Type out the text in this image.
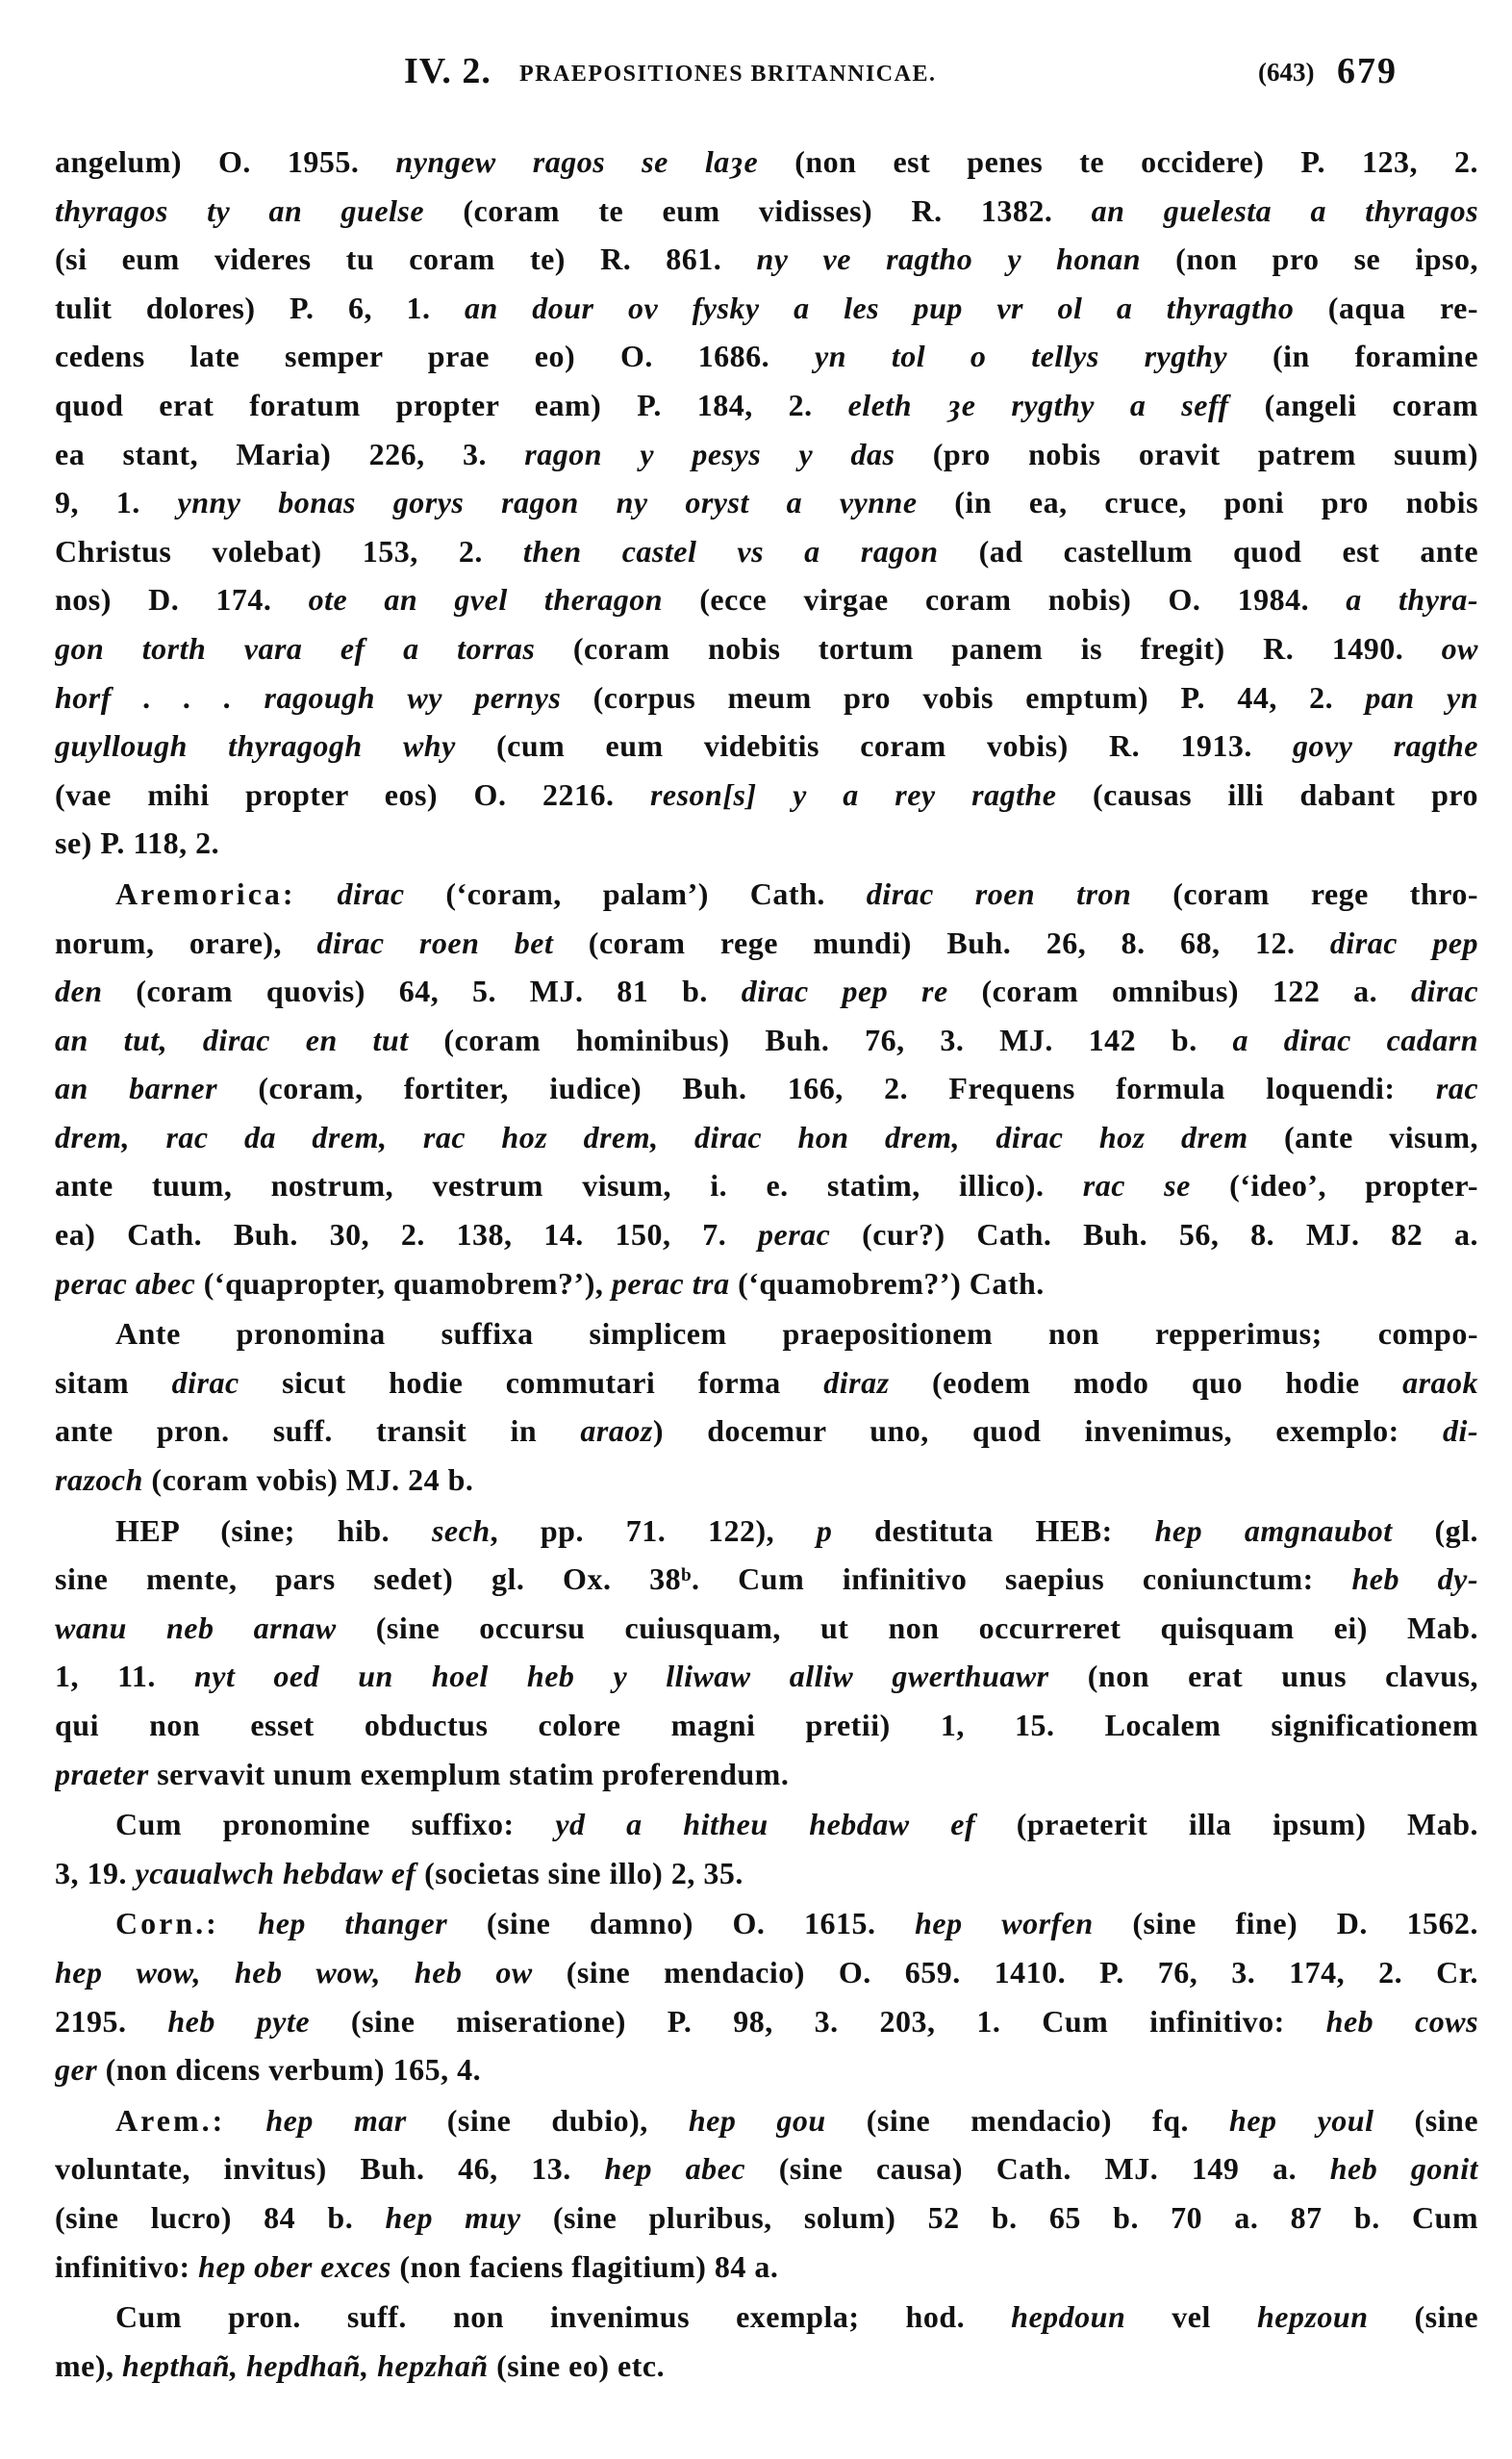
IV. 2. PRAEPOSITIONES BRITANNICAE.	(643) 679
angelum) O. 1955. nyngew ragos se laȝe (non est penes te occidere) P. 123, 2.
thyragos ty an guelse (coram te eum vidisses) R. 1382. an guelesta a thyragos
(si eum videres tu coram te) R. 861. ny ve ragtho y honan (non pro se ipso,
tulit dolores) P. 6, 1. an dour ov fysky a les pup vr ol a thyragtho (aqua re-
cedens late semper prae eo) O. 1686. yn tol o tellys rygthy (in foramine
quod erat foratum propter eam) P. 184, 2. eleth ȝe rygthy a seff (angeli coram
ea stant, Maria) 226, 3. ragon y pesys y das (pro nobis oravit patrem suum)
9, 1. ynny bonas gorys ragon ny oryst a vynne (in ea, cruce, poni pro nobis
Christus volebat) 153, 2. then castel vs a ragon (ad castellum quod est ante
nos) D. 174. ote an gvel theragon (ecce virgae coram nobis) O. 1984. a thyra-
gon torth vara ef a torras (coram nobis tortum panem is fregit) R. 1490. ow
horf . . . ragough wy pernys (corpus meum pro vobis emptum) P. 44, 2. pan yn
guyllough thyragogh why (cum eum videbitis coram vobis) R. 1913. govy ragthe
(vae mihi propter eos) O. 2216. reson[s] y a rey ragthe (causas illi dabant pro
se) P. 118, 2.
Aremorica: dirac (‘coram, palam’) Cath. dirac roen tron (coram rege thro-
norum, orare), dirac roen bet (coram rege mundi) Buh. 26, 8. 68, 12. dirac pep
den (coram quovis) 64, 5. MJ. 81 b. dirac pep re (coram omnibus) 122 a. dirac
an tut, dirac en tut (coram hominibus) Buh. 76, 3. MJ. 142 b. a dirac cadarn
an barner (coram, fortiter, iudice) Buh. 166, 2. Frequens formula loquendi: rac
drem, rac da drem, rac hoz drem, dirac hon drem, dirac hoz drem (ante visum,
ante tuum, nostrum, vestrum visum, i. e. statim, illico). rac se (‘ideo’, propter-
ea) Cath. Buh. 30, 2. 138, 14. 150, 7. perac (cur?) Cath. Buh. 56, 8. MJ. 82 a.
perac abec (‘quapropter, quamobrem?’), perac tra (‘quamobrem?’) Cath.
Ante pronomina suffixa simplicem praepositionem non repperimus; compo-
sitam dirac sicut hodie commutari forma diraz (eodem modo quo hodie araok
ante pron. suff. transit in araoz) docemur uno, quod invenimus, exemplo: di-
razoch (coram vobis) MJ. 24 b.
HEP (sine; hib. sech, pp. 71. 122), p destituta HEB: hep amgnaubot (gl.
sine mente, pars sedet) gl. Ox. 38ᵇ. Cum infinitivo saepius coniunctum: heb dy-
wanu neb arnaw (sine occursu cuiusquam, ut non occurreret quisquam ei) Mab.
1, 11. nyt oed un hoel heb y lliwaw alliw gwerthuawr (non erat unus clavus,
qui non esset obductus colore magni pretii) 1, 15. Localem significationem
praeter servavit unum exemplum statim proferendum.
Cum pronomine suffixo: yd a hitheu hebdaw ef (praeterit illa ipsum) Mab.
3, 19. ycaualwch hebdaw ef (societas sine illo) 2, 35.
Corn.: hep thanger (sine damno) O. 1615. hep worfen (sine fine) D. 1562.
hep wow, heb wow, heb ow (sine mendacio) O. 659. 1410. P. 76, 3. 174, 2. Cr.
2195. heb pyte (sine miseratione) P. 98, 3. 203, 1. Cum infinitivo: heb cows
ger (non dicens verbum) 165, 4.
Arem.: hep mar (sine dubio), hep gou (sine mendacio) fq. hep youl (sine
voluntate, invitus) Buh. 46, 13. hep abec (sine causa) Cath. MJ. 149 a. heb gonit
(sine lucro) 84 b. hep muy (sine pluribus, solum) 52 b. 65 b. 70 a. 87 b. Cum
infinitivo: hep ober exces (non faciens flagitium) 84 a.
Cum pron. suff. non invenimus exempla; hod. hepdoun vel hepzoun (sine
me), hepthañ, hepdhañ, hepzhañ (sine eo) etc.
